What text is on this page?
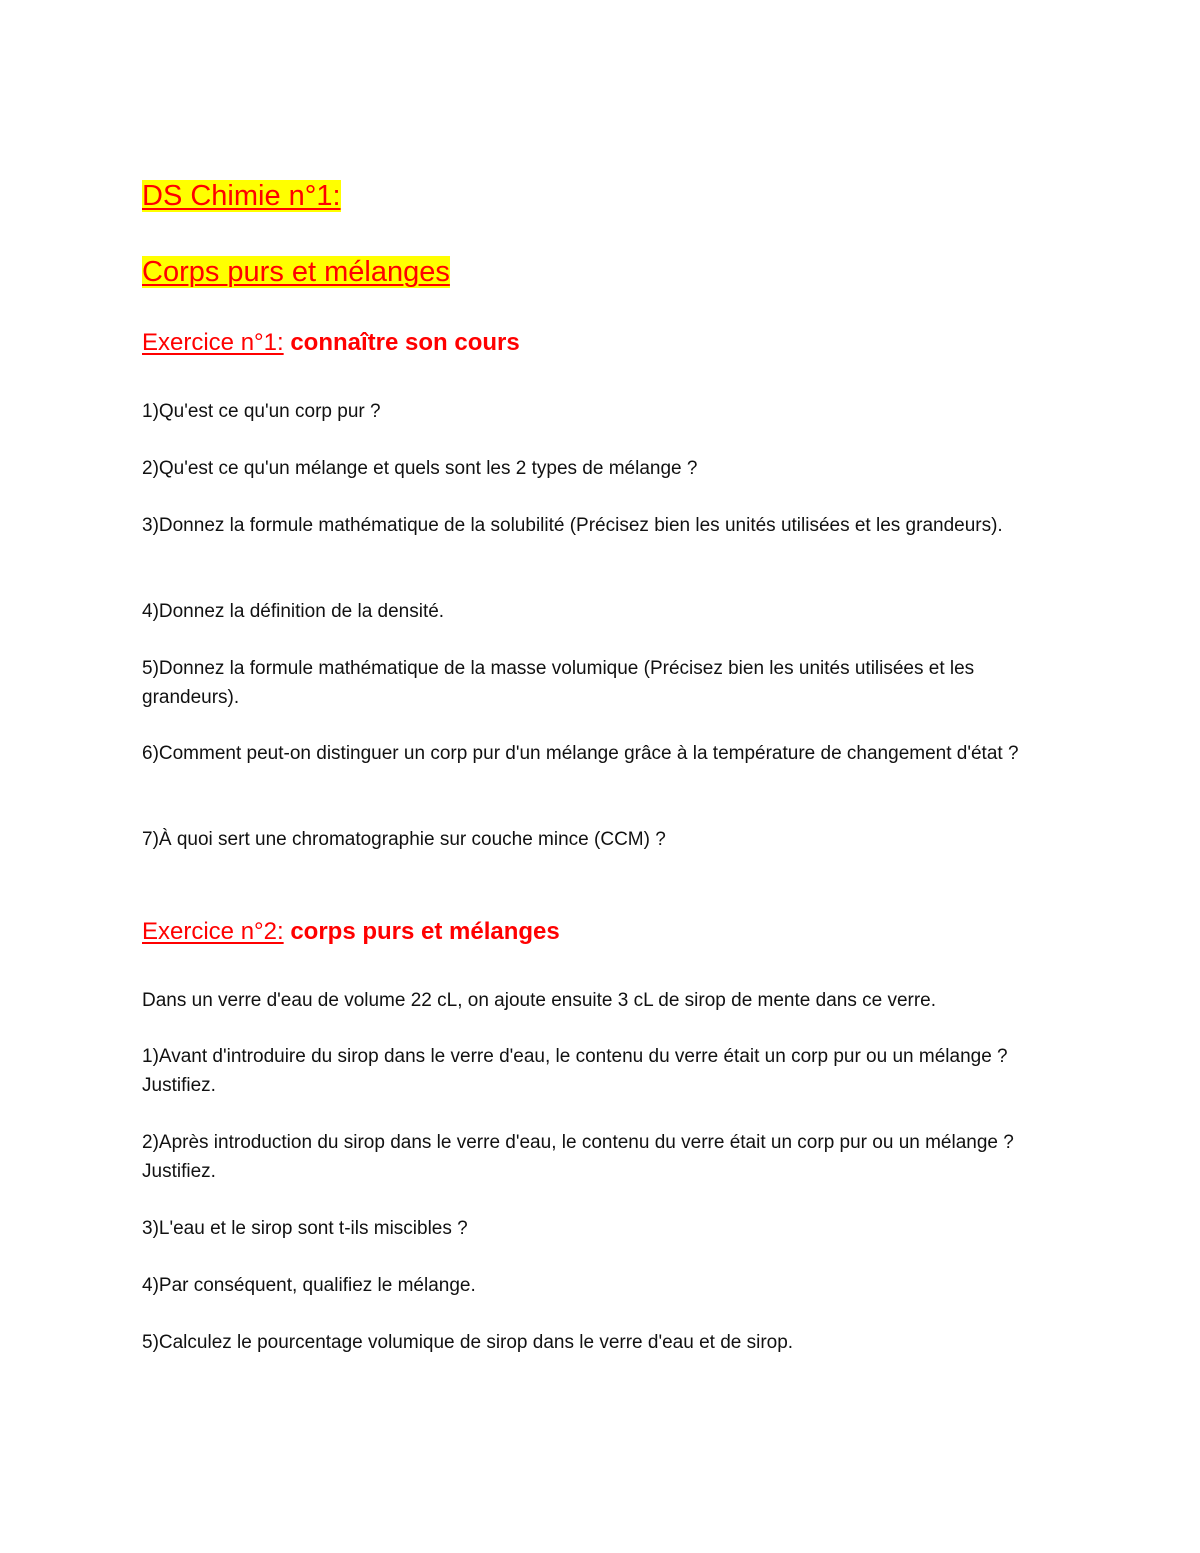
DS Chimie n°1:

Corps purs et mélanges

Exercice n°1: connaître son cours

1)Qu'est ce qu'un corp pur ?

2)Qu'est ce qu'un mélange et quels sont les 2 types de mélange ?

3)Donnez la formule mathématique de la solubilité (Précisez bien les unités utilisées et les grandeurs).

4)Donnez la définition de la densité.

5)Donnez la formule mathématique de la masse volumique (Précisez bien les unités utilisées et les grandeurs).

6)Comment peut-on distinguer un corp pur d'un mélange grâce à la température de changement d'état ?

7)À quoi sert une chromatographie sur couche mince (CCM) ?

Exercice n°2: corps purs et mélanges

Dans un verre d'eau de volume 22 cL, on ajoute ensuite 3 cL de sirop de mente dans ce verre.

1)Avant d'introduire du sirop dans le verre d'eau, le contenu du verre était un corp pur ou un mélange ? Justifiez.

2)Après introduction du sirop dans le verre d'eau, le contenu du verre était un corp pur ou un mélange ? Justifiez.

3)L'eau et le sirop sont t-ils miscibles ?

4)Par conséquent, qualifiez le mélange.

5)Calculez le pourcentage volumique de sirop dans le verre d'eau et de sirop.
